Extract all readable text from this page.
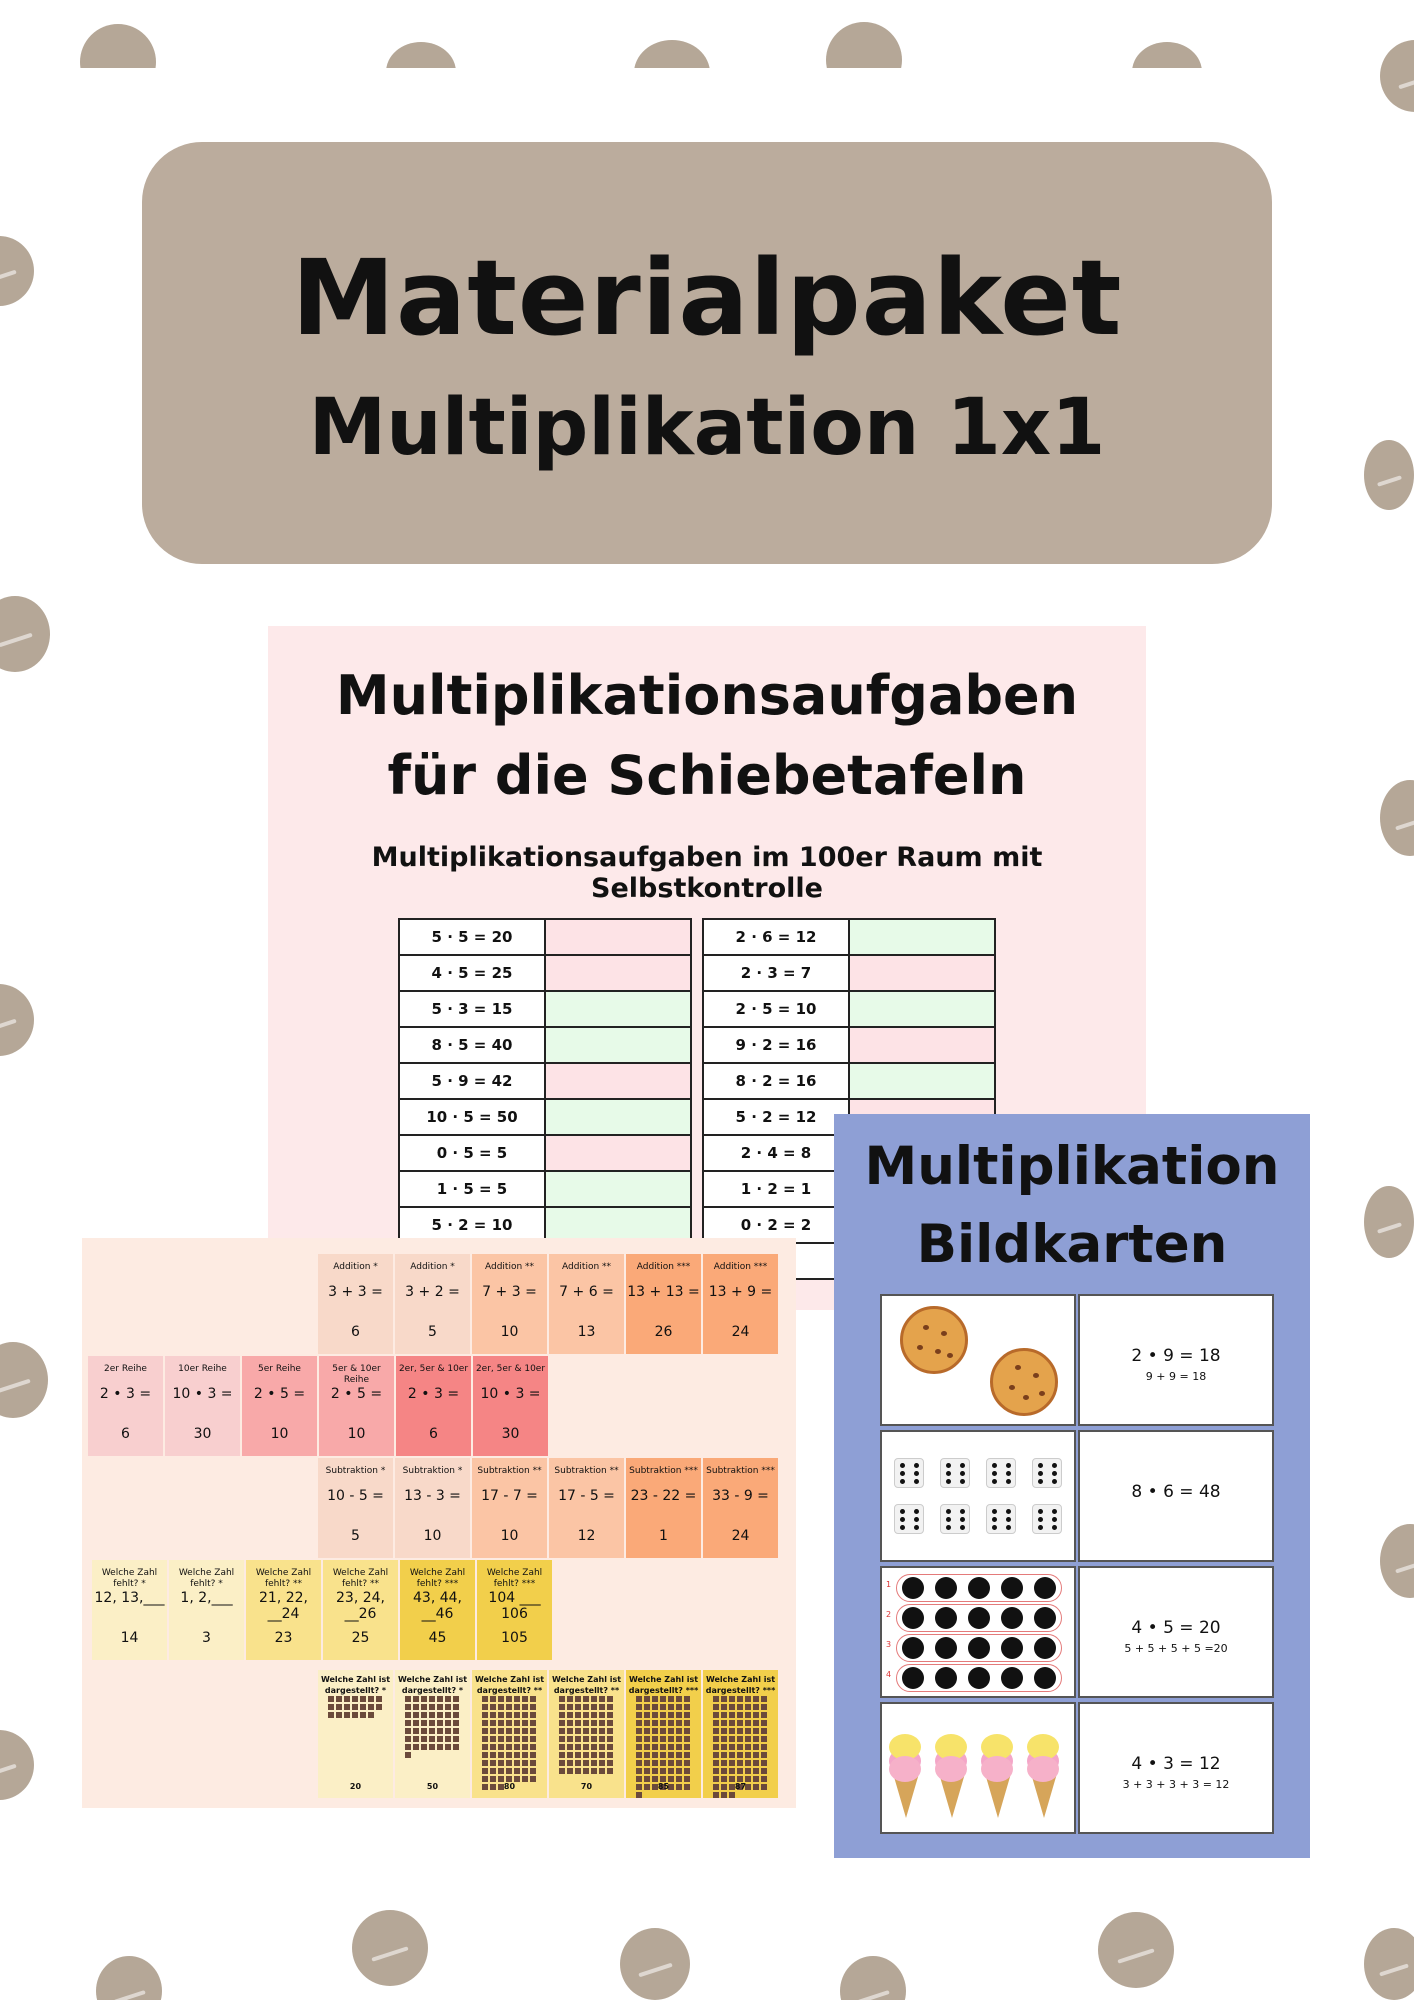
Materialpaket
Multiplikation 1x1
Multiplikationsaufgaben
für die Schiebetafeln
Multiplikationsaufgaben im 100er Raum mit Selbstkontrolle
5 · 5 = 20	
4 · 5 = 25	
5 · 3 = 15	
8 · 5 = 40	
5 · 9 = 42	
10 · 5 = 50	
0 · 5 = 5	
1 · 5 = 5	
5 · 2 = 10	
2 · 6 = 12	
2 · 3 = 7	
2 · 5 = 10	
9 · 2 = 16	
8 · 2 = 16	
5 · 2 = 12	
2 · 4 = 8	
1 · 2 = 1	
0 · 2 = 2	

Addition *
3 + 3 =
6
Addition *
3 + 2 =
5
Addition **
7 + 3 =
10
Addition **
7 + 6 =
13
Addition ***
13 + 13 =
26
Addition ***
13 + 9 =
24
2er Reihe
2 • 3 =
6
10er Reihe
10 • 3 =
30
5er Reihe
2 • 5 =
10
5er & 10er Reihe
2 • 5 =
10
2er, 5er & 10er
2 • 3 =
6
2er, 5er & 10er
10 • 3 =
30
Subtraktion *
10 - 5 =
5
Subtraktion *
13 - 3 =
10
Subtraktion **
17 - 7 =
10
Subtraktion **
17 - 5 =
12
Subtraktion ***
23 - 22 =
1
Subtraktion ***
33 - 9 =
24
Welche Zahl fehlt? *
12, 13,___
14
Welche Zahl fehlt? *
1, 2,___
3
Welche Zahl fehlt? **
21, 22, __24
23
Welche Zahl fehlt? **
23, 24, __26
25
Welche Zahl fehlt? ***
43, 44, __46
45
Welche Zahl fehlt? ***
104 ___ 106
105
Welche Zahl ist dargestellt? *
20
Welche Zahl ist dargestellt? *
50
Welche Zahl ist dargestellt? **
80
Welche Zahl ist dargestellt? **
70
Welche Zahl ist dargestellt? ***
85
Welche Zahl ist dargestellt? ***
87
Multiplikation
Bildkarten
2 • 9 = 18
9 + 9 = 18
8 • 6 = 48
1
2
3
4
4 • 5 = 20
5 + 5 + 5 + 5 =20
4 • 3 = 12
3 + 3 + 3 + 3 = 12
